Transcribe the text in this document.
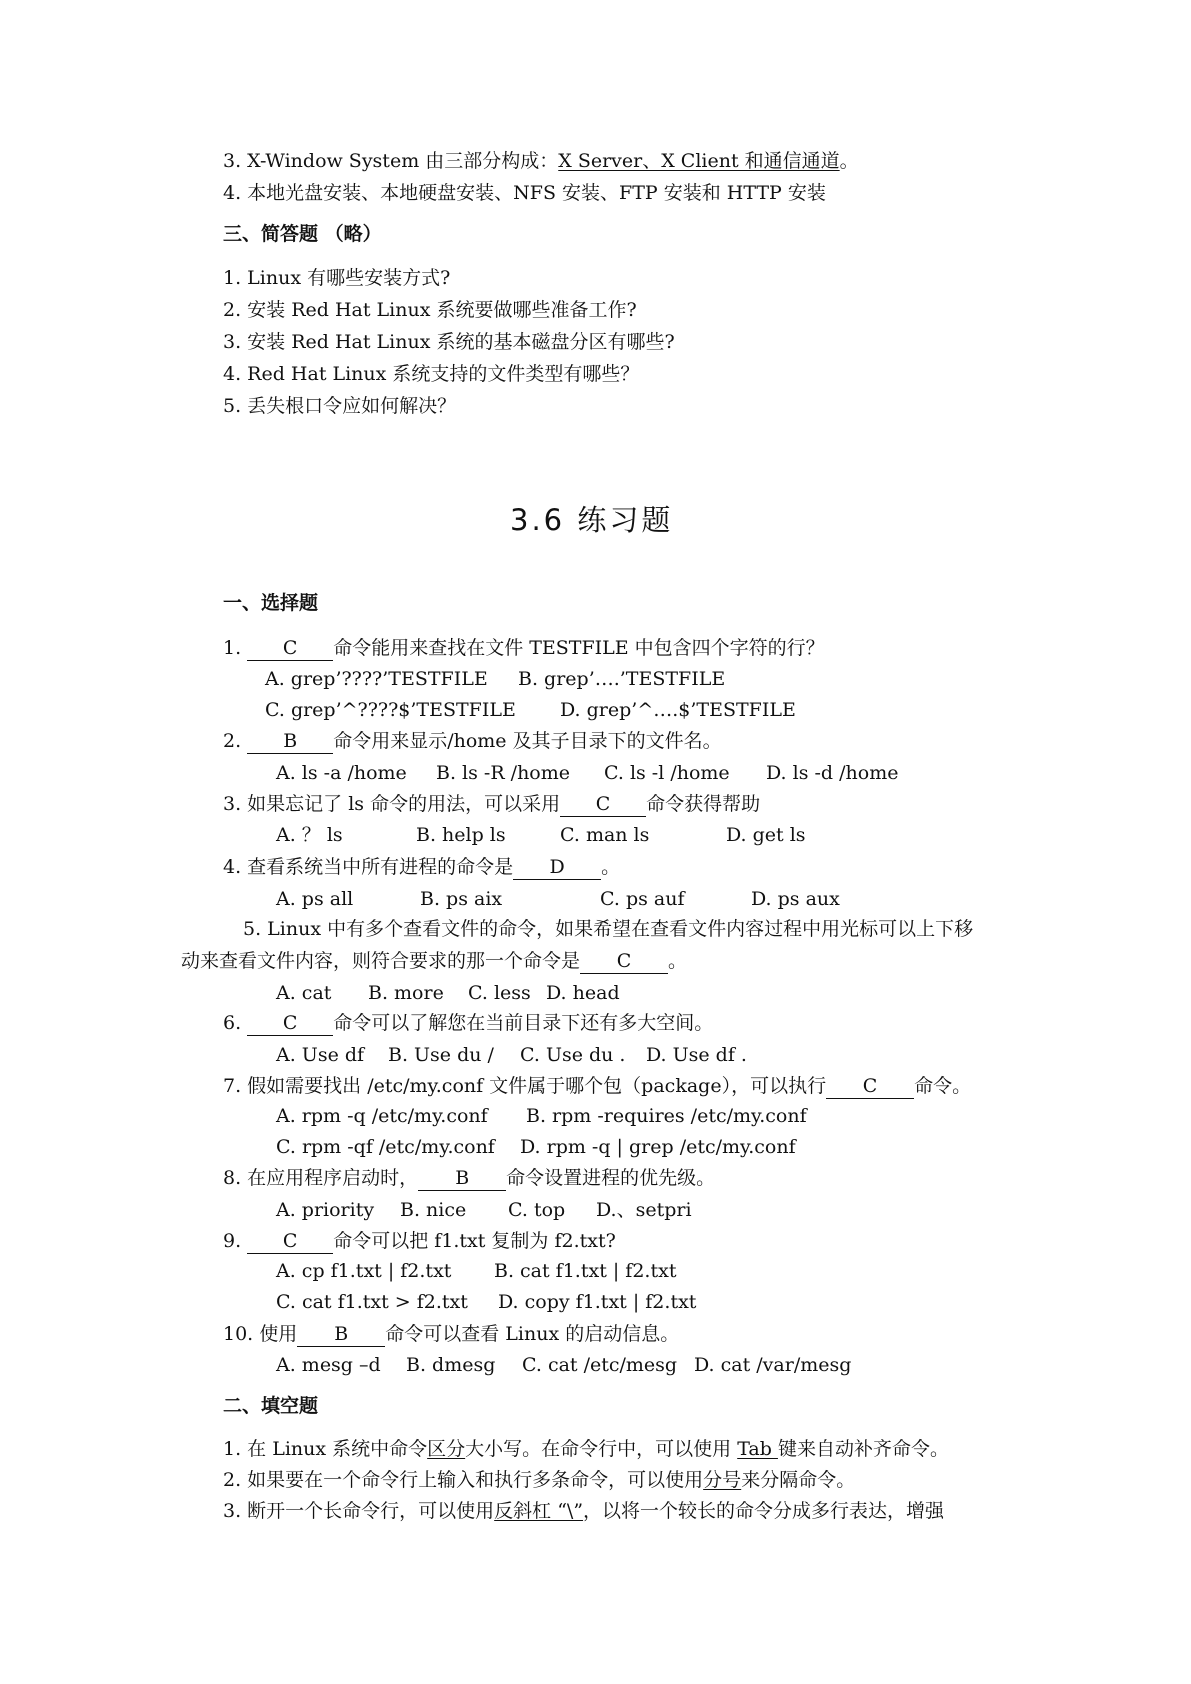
3. X-Window System 由三部分构成：X Server、X Client 和通信通道。
4. 本地光盘安装、本地硬盘安装、NFS 安装、FTP 安装和 HTTP 安装
三、简答题 （略）
1. Linux 有哪些安装方式?
2. 安装 Red Hat Linux 系统要做哪些准备工作?
3. 安装 Red Hat Linux 系统的基本磁盘分区有哪些?
4. Red Hat Linux 系统支持的文件类型有哪些？
5. 丢失根口令应如何解决？
3.6 练习题
一、选择题
1. C 命令能用来查找在文件 TESTFILE 中包含四个字符的行？
A. grep’????’TESTFILE B. grep’….’TESTFILE
C. grep’^????$’TESTFILE D. grep’^….$’TESTFILE
2. B 命令用来显示/home 及其子目录下的文件名。
A. ls -a /home B. ls -R /home C. ls -l /home D. ls -d /home
3. 如果忘记了 ls 命令的用法，可以采用 C 命令获得帮助
A. ？ ls	B. help ls	C. man ls	D. get ls
4. 查看系统当中所有进程的命令是 D 。
A. ps all	B. ps aix	C. ps auf	D. ps aux
5. Linux 中有多个查看文件的命令，如果希望在查看文件内容过程中用光标可以上下移
动来查看文件内容，则符合要求的那一个命令是 C 。
A. cat B. more C. less D. head
6. C 命令可以了解您在当前目录下还有多大空间。
A. Use df B. Use du / C. Use du . D. Use df .
7. 假如需要找出 /etc/my.conf 文件属于哪个包（package），可以执行 C 命令。
A. rpm -q /etc/my.conf B. rpm -requires /etc/my.conf
C. rpm -qf /etc/my.conf D. rpm -q | grep /etc/my.conf
8. 在应用程序启动时， B 命令设置进程的优先级。
A. priority B. nice C. top D.、setpri
9. C 命令可以把 f1.txt 复制为 f2.txt?
A. cp f1.txt | f2.txt B. cat f1.txt | f2.txt
C. cat f1.txt > f2.txt D. copy f1.txt | f2.txt
10. 使用 B 命令可以查看 Linux 的启动信息。
A. mesg –d B. dmesg C. cat /etc/mesg D. cat /var/mesg
二、填空题
1. 在 Linux 系统中命令区分大小写。在命令行中，可以使用 Tab 键来自动补齐命令。
2. 如果要在一个命令行上输入和执行多条命令，可以使用分号来分隔命令。
3. 断开一个长命令行，可以使用反斜杠 “\”，以将一个较长的命令分成多行表达，增强
